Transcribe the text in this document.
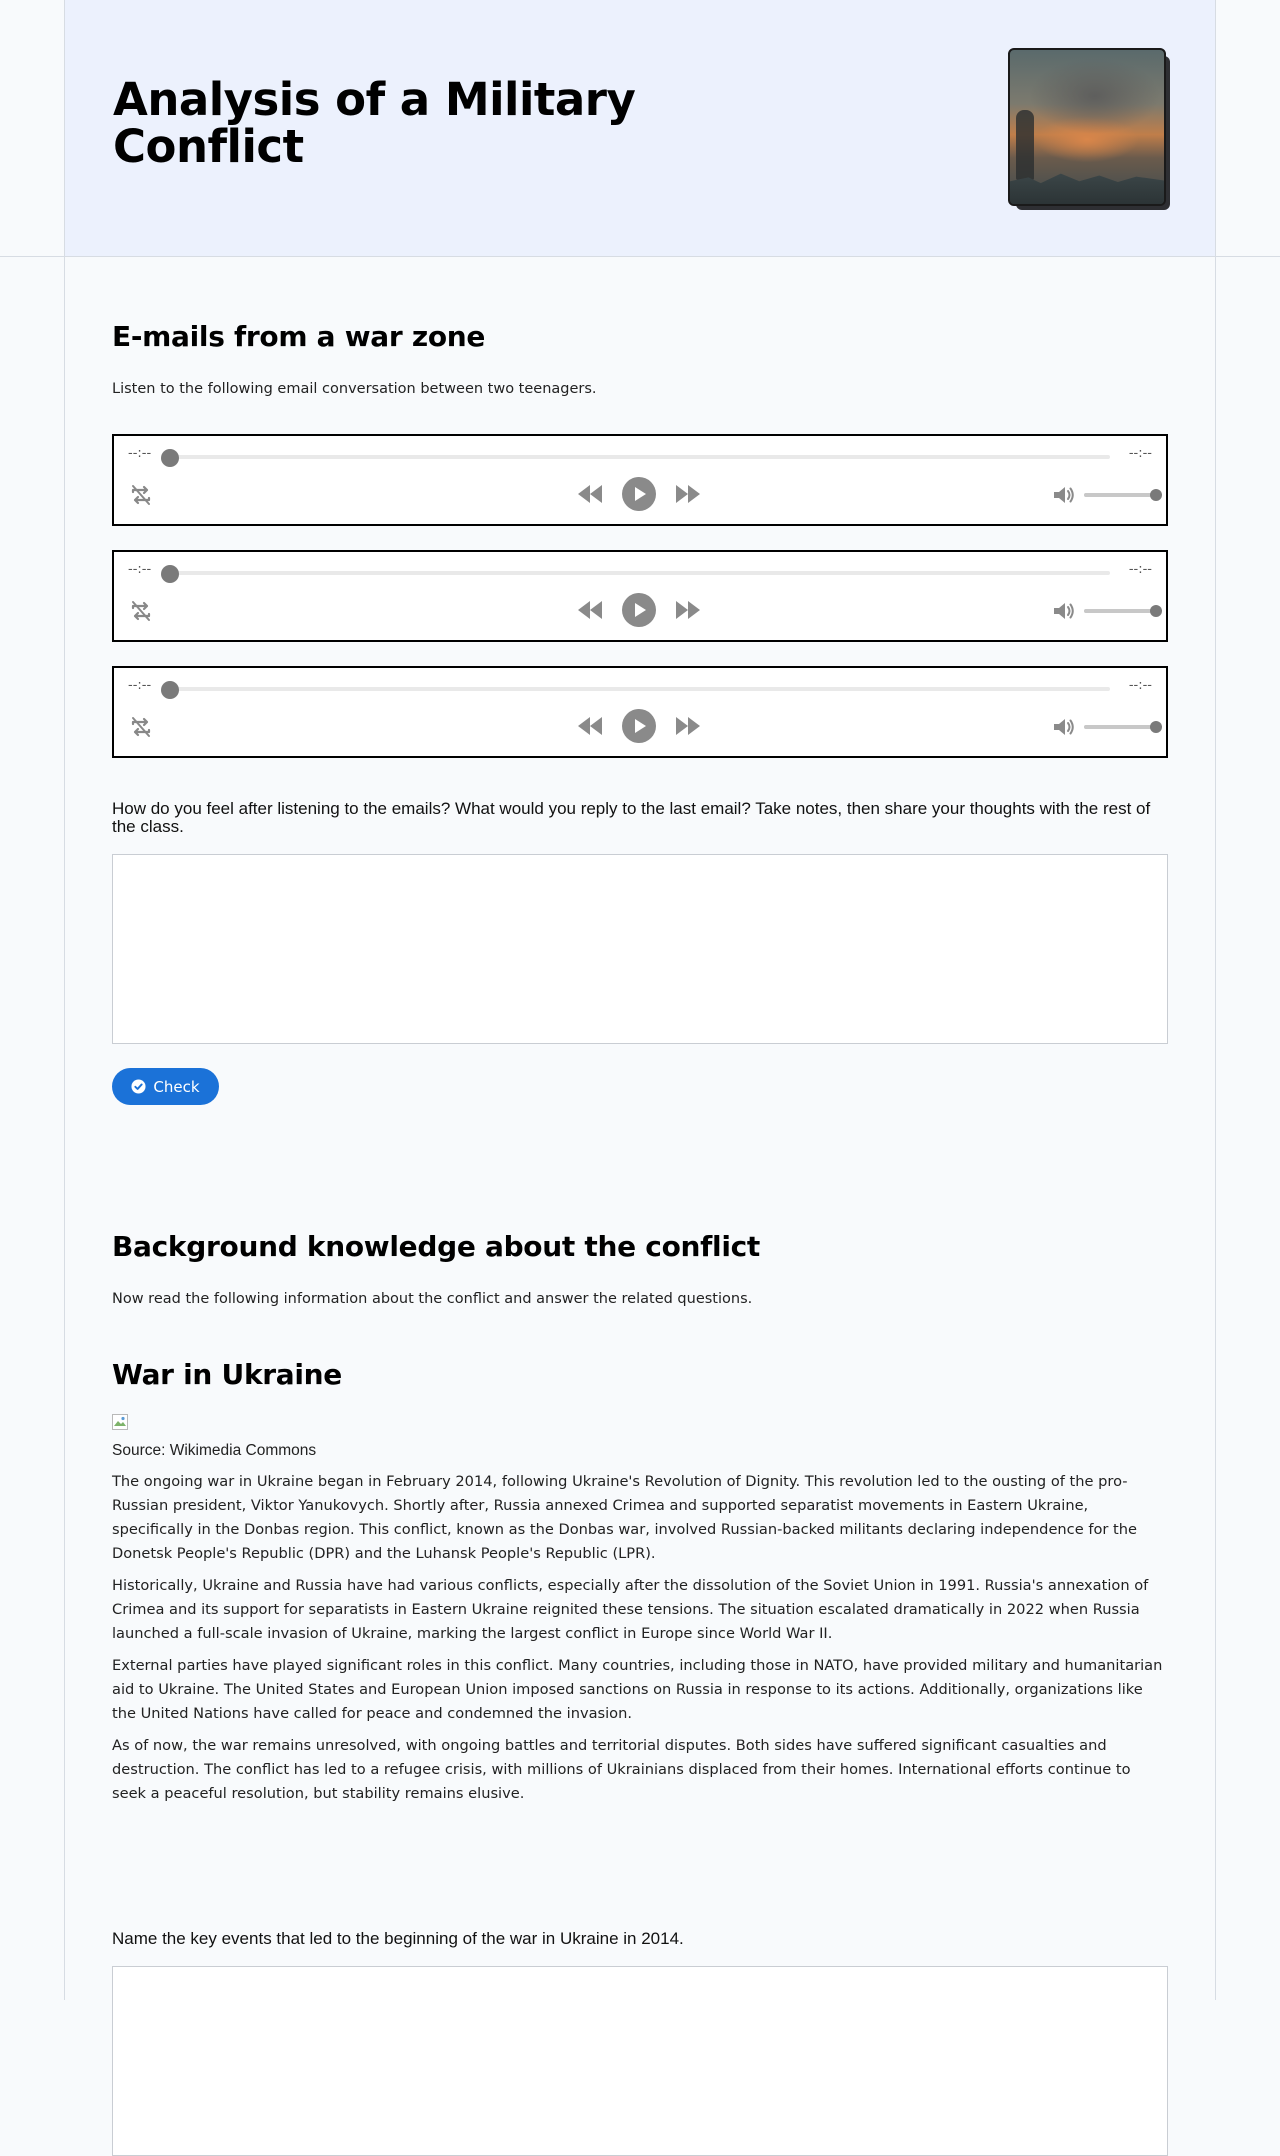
Analysis of a Military Conflict
E-mails from a war zone

Listen to the following email conversation between two teenagers.

--:--	--:--
--:--	--:--
--:--	--:--

How do you feel after listening to the emails? What would you reply to the last email? Take notes, then share your thoughts with the rest of the class.

Check
Background knowledge about the conflict

Now read the following information about the conflict and answer the related questions.

War in Ukraine

Source: Wikimedia Commons

The ongoing war in Ukraine began in February 2014, following Ukraine's Revolution of Dignity. This revolution led to the ousting of the pro-Russian president, Viktor Yanukovych. Shortly after, Russia annexed Crimea and supported separatist movements in Eastern Ukraine, specifically in the Donbas region. This conflict, known as the Donbas war, involved Russian-backed militants declaring independence for the Donetsk People's Republic (DPR) and the Luhansk People's Republic (LPR).

Historically, Ukraine and Russia have had various conflicts, especially after the dissolution of the Soviet Union in 1991. Russia's annexation of Crimea and its support for separatists in Eastern Ukraine reignited these tensions. The situation escalated dramatically in 2022 when Russia launched a full-scale invasion of Ukraine, marking the largest conflict in Europe since World War II.

External parties have played significant roles in this conflict. Many countries, including those in NATO, have provided military and humanitarian aid to Ukraine. The United States and European Union imposed sanctions on Russia in response to its actions. Additionally, organizations like the United Nations have called for peace and condemned the invasion.

As of now, the war remains unresolved, with ongoing battles and territorial disputes. Both sides have suffered significant casualties and destruction. The conflict has led to a refugee crisis, with millions of Ukrainians displaced from their homes. International efforts continue to seek a peaceful resolution, but stability remains elusive.

Name the key events that led to the beginning of the war in Ukraine in 2014.
